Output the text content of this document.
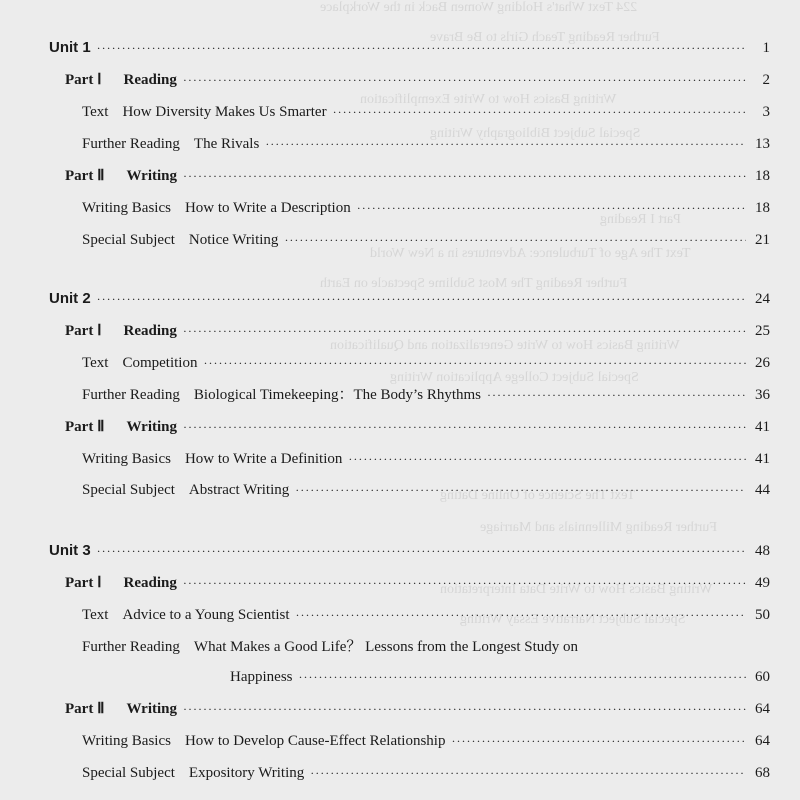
224 Text What's Holding Women Back in the Workplace
Further Reading Teach Girls to Be Brave
Writing Basics How to Write Exemplification
Special Subject Bibliography Writing
Part I Reading
Text The Age of Turbulence: Adventures in a New World
Further Reading The Most Sublime Spectacle on Earth
Writing Basics How to Write Generalization and Qualification
Special Subject College Application Writing
Text The Science of Online Dating
Further Reading Millennials and Marriage
Writing Basics How to Write Data Interpretation
Special Subject Narrative Essay Writing
Unit 1 ·····	1
Part Ⅰ Reading ·····	2
Text How Diversity Makes Us Smarter ·····	3
Further Reading The Rivals ·····	13
Part Ⅱ Writing ·····	18
Writing Basics How to Write a Description ·····	18
Special Subject Notice Writing ·····	21
Unit 2 ·····	24
Part Ⅰ Reading ·····	25
Text Competition ·····	26
Further Reading Biological Timekeeping：The Body’s Rhythms ·····	36
Part Ⅱ Writing ·····	41
Writing Basics How to Write a Definition ·····	41
Special Subject Abstract Writing ·····	44
Unit 3 ·····	48
Part Ⅰ Reading ·····	49
Text Advice to a Young Scientist ·····	50
Further Reading What Makes a Good Life？ Lessons from the Longest Study on
Happiness ·····	60
Part Ⅱ Writing ·····	64
Writing Basics How to Develop Cause-Effect Relationship ·····	64
Special Subject Expository Writing ·····	68
